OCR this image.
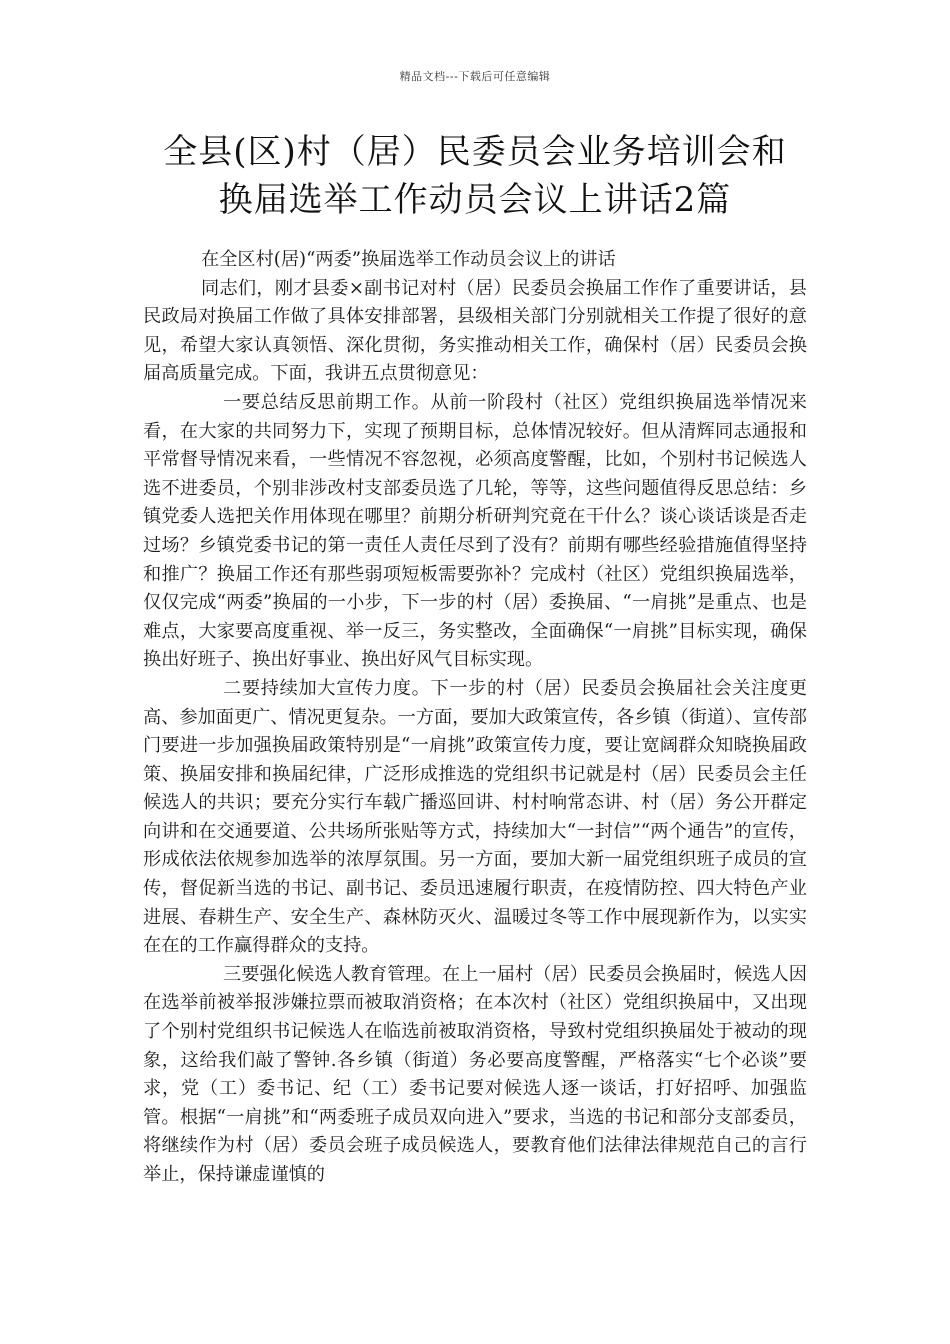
精品文档---下载后可任意编辑
全县(区)村（居）民委员会业务培训会和
换届选举工作动员会议上讲话2篇

在全区村(居)“两委”换届选举工作动员会议上的讲话

同志们，刚才县委×副书记对村（居）民委员会换届工作作了重要讲话，县民政局对换届工作做了具体安排部署，县级相关部门分别就相关工作提了很好的意见，希望大家认真领悟、深化贯彻，务实推动相关工作，确保村（居）民委员会换届高质量完成。下面，我讲五点贯彻意见：

一要总结反思前期工作。从前一阶段村（社区）党组织换届选举情况来看，在大家的共同努力下，实现了预期目标，总体情况较好。但从清辉同志通报和平常督导情况来看，一些情况不容忽视，必须高度警醒，比如，个别村书记候选人选不进委员，个别非涉改村支部委员选了几轮，等等，这些问题值得反思总结：乡镇党委人选把关作用体现在哪里？前期分析研判究竟在干什么？谈心谈话谈是否走过场？乡镇党委书记的第一责任人责任尽到了没有？前期有哪些经验措施值得坚持和推广？换届工作还有那些弱项短板需要弥补？完成村（社区）党组织换届选举，仅仅完成“两委”换届的一小步，下一步的村（居）委换届、“一肩挑”是重点、也是难点，大家要高度重视、举一反三，务实整改，全面确保“一肩挑”目标实现，确保换出好班子、换出好事业、换出好风气目标实现。

二要持续加大宣传力度。下一步的村（居）民委员会换届社会关注度更高、参加面更广、情况更复杂。一方面，要加大政策宣传，各乡镇（街道）、宣传部门要进一步加强换届政策特别是“一肩挑”政策宣传力度，要让宽阔群众知晓换届政策、换届安排和换届纪律，广泛形成推选的党组织书记就是村（居）民委员会主任候选人的共识；要充分实行车载广播巡回讲、村村响常态讲、村（居）务公开群定向讲和在交通要道、公共场所张贴等方式，持续加大“一封信”“两个通告”的宣传，形成依法依规参加选举的浓厚氛围。另一方面，要加大新一届党组织班子成员的宣传，督促新当选的书记、副书记、委员迅速履行职责，在疫情防控、四大特色产业进展、春耕生产、安全生产、森林防灭火、温暖过冬等工作中展现新作为，以实实在在的工作赢得群众的支持。

三要强化候选人教育管理。在上一届村（居）民委员会换届时，候选人因在选举前被举报涉嫌拉票而被取消资格；在本次村（社区）党组织换届中，又出现了个别村党组织书记候选人在临选前被取消资格，导致村党组织换届处于被动的现象，这给我们敲了警钟.各乡镇（街道）务必要高度警醒，严格落实“七个必谈”要求，党（工）委书记、纪（工）委书记要对候选人逐一谈话，打好招呼、加强监管。根据“一肩挑”和“两委班子成员双向进入”要求，当选的书记和部分支部委员，将继续作为村（居）委员会班子成员候选人，要教育他们法律法律规范自己的言行举止，保持谦虚谨慎的
